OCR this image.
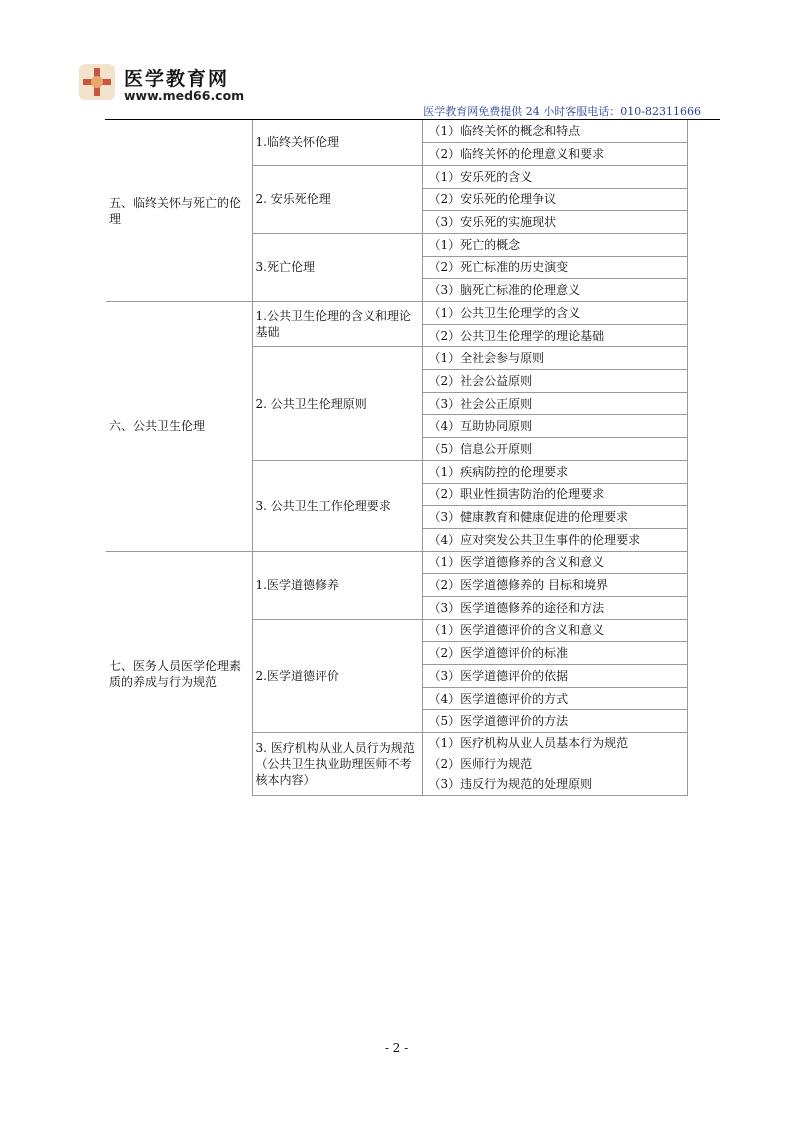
医学教育网
www.med66.com
医学教育网免费提供 24 小时客服电话：010-82311666
五、临终关怀与死亡的伦理	1.临终关怀伦理	（1）临终关怀的概念和特点
		（2）临终关怀的伦理意义和要求
	2. 安乐死伦理	（1）安乐死的含义
		（2）安乐死的伦理争议
		（3）安乐死的实施现状
	3.死亡伦理	（1）死亡的概念
		（2）死亡标准的历史演变
		（3）脑死亡标准的伦理意义

六、公共卫生伦理	1.公共卫生伦理的含义和理论基础	（1）公共卫生伦理学的含义
		（2）公共卫生伦理学的理论基础
	2. 公共卫生伦理原则	（1）全社会参与原则
		（2）社会公益原则
		（3）社会公正原则
		（4）互助协同原则
		（5）信息公开原则
	3. 公共卫生工作伦理要求	（1）疾病防控的伦理要求
		（2）职业性损害防治的伦理要求
		（3）健康教育和健康促进的伦理要求
		（4）应对突发公共卫生事件的伦理要求

七、医务人员医学伦理素质的养成与行为规范	1.医学道德修养	（1）医学道德修养的含义和意义
		（2）医学道德修养的 目标和境界
		（3）医学道德修养的途径和方法
	2.医学道德评价	（1）医学道德评价的含义和意义
		（2）医学道德评价的标准
		（3）医学道德评价的依据
		（4）医学道德评价的方式
		（5）医学道德评价的方法
	3. 医疗机构从业人员行为规范（公共卫生执业助理医师不考核本内容）	（1）医疗机构从业人员基本行为规范
		（2）医师行为规范
		（3）违反行为规范的处理原则
- 2 -
